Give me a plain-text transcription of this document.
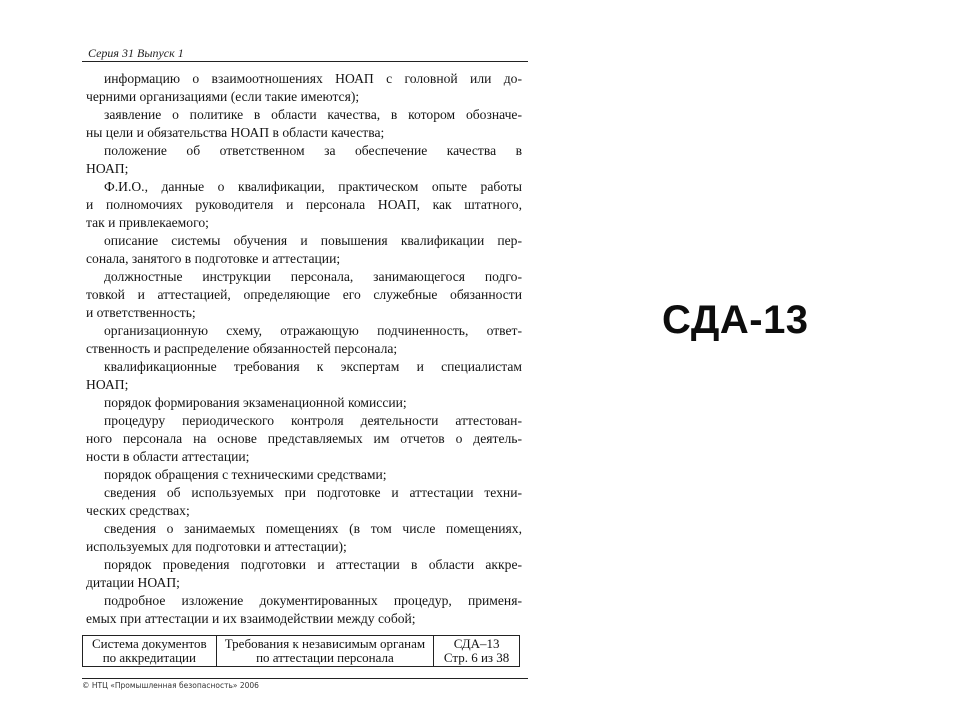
Серия 31 Выпуск 1
информацию о взаимоотношениях НОАП с головной или до-
черними организациями (если такие имеются);
заявление о политике в области качества, в котором обозначе-
ны цели и обязательства НОАП в области качества;
положение об ответственном за обеспечение качества в
НОАП;
Ф.И.О., данные о квалификации, практическом опыте работы
и полномочиях руководителя и персонала НОАП, как штатного,
так и привлекаемого;
описание системы обучения и повышения квалификации пер-
сонала, занятого в подготовке и аттестации;
должностные инструкции персонала, занимающегося подго-
товкой и аттестацией, определяющие его служебные обязанности
и ответственность;
организационную схему, отражающую подчиненность, ответ-
ственность и распределение обязанностей персонала;
квалификационные требования к экспертам и специалистам
НОАП;
порядок формирования экзаменационной комиссии;
процедуру периодического контроля деятельности аттестован-
ного персонала на основе представляемых им отчетов о деятель-
ности в области аттестации;
порядок обращения с техническими средствами;
сведения об используемых при подготовке и аттестации техни-
ческих средствах;
сведения о занимаемых помещениях (в том числе помещениях,
используемых для подготовки и аттестации);
порядок проведения подготовки и аттестации в области аккре-
дитации НОАП;
подробное изложение документированных процедур, применя-
емых при аттестации и их взаимодействии между собой;
Система документов
по аккредитации

Требования к независимым органам
по аттестации персонала

СДА–13
Стр. 6 из 38
© НТЦ «Промышленная безопасность» 2006
СДА-13
